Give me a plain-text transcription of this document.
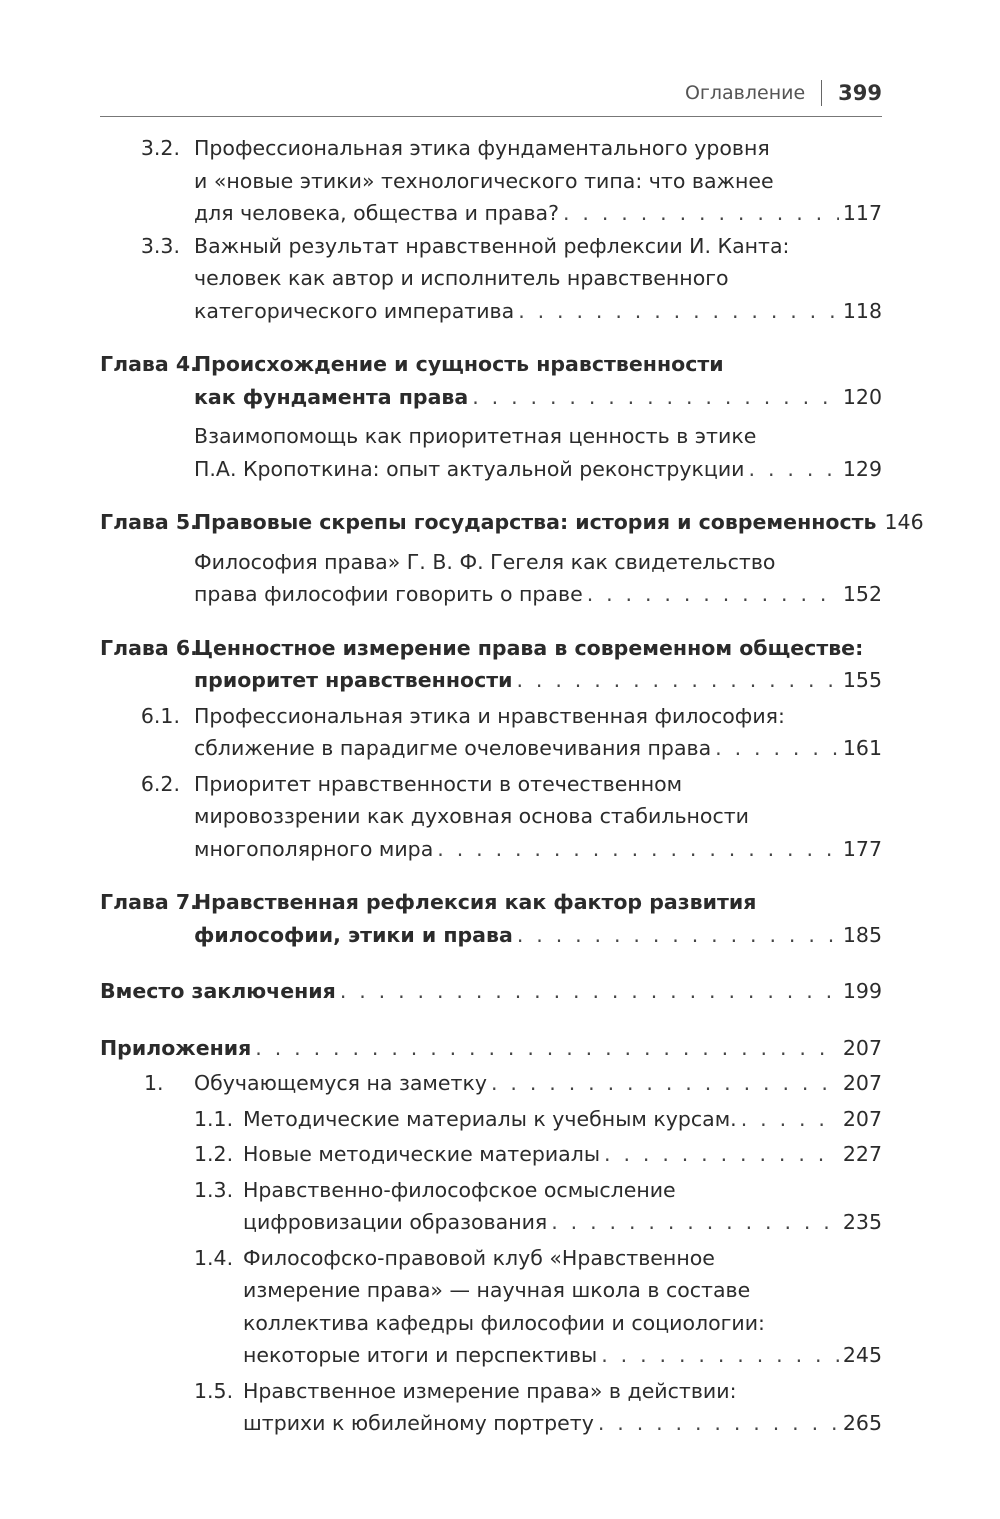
Оглавление 399
3.2. Профессиональная этика фундаментального уровня
и «новые этики» технологического типа: что важнее
для человека, общества и права? . . .	117
3.3. Важный результат нравственной рефлексии И. Канта:
человек как автор и исполнитель нравственного
категорического императива . . .	118
Глава 4.
Происхождение и сущность нравственности
как фундамента права . . .	120
Взаимопомощь как приоритетная ценность в этике
П.А. Кропоткина: опыт актуальной реконструкции . . .	129
Глава 5.
Правовые скрепы государства: история и современность 146
Философия права» Г. В. Ф. Гегеля как свидетельство
права философии говорить о праве . . .	152
Глава 6.
Ценностное измерение права в современном обществе:
приоритет нравственности . . .	155
6.1. Профессиональная этика и нравственная философия:
сближение в парадигме очеловечивания права . . .	161
6.2. Приоритет нравственности в отечественном
мировоззрении как духовная основа стабильности
многополярного мира . . .	177
Глава 7.
Нравственная рефлексия как фактор развития
философии, этики и права . . .	185
Вместо заключения . . .	199
Приложения . . .	207
1. Обучающемуся на заметку . . .	207
1.1. Методические материалы к учебным курсам. . . .	207
1.2. Новые методические материалы . . .	227
1.3. Нравственно-философское осмысление
цифровизации образования . . .	235
1.4. Философско-правовой клуб «Нравственное
измерение права» — научная школа в составе
коллектива кафедры философии и социологии:
некоторые итоги и перспективы . . .	245
1.5. Нравственное измерение права» в действии:
штрихи к юбилейному портрету . . .	265
